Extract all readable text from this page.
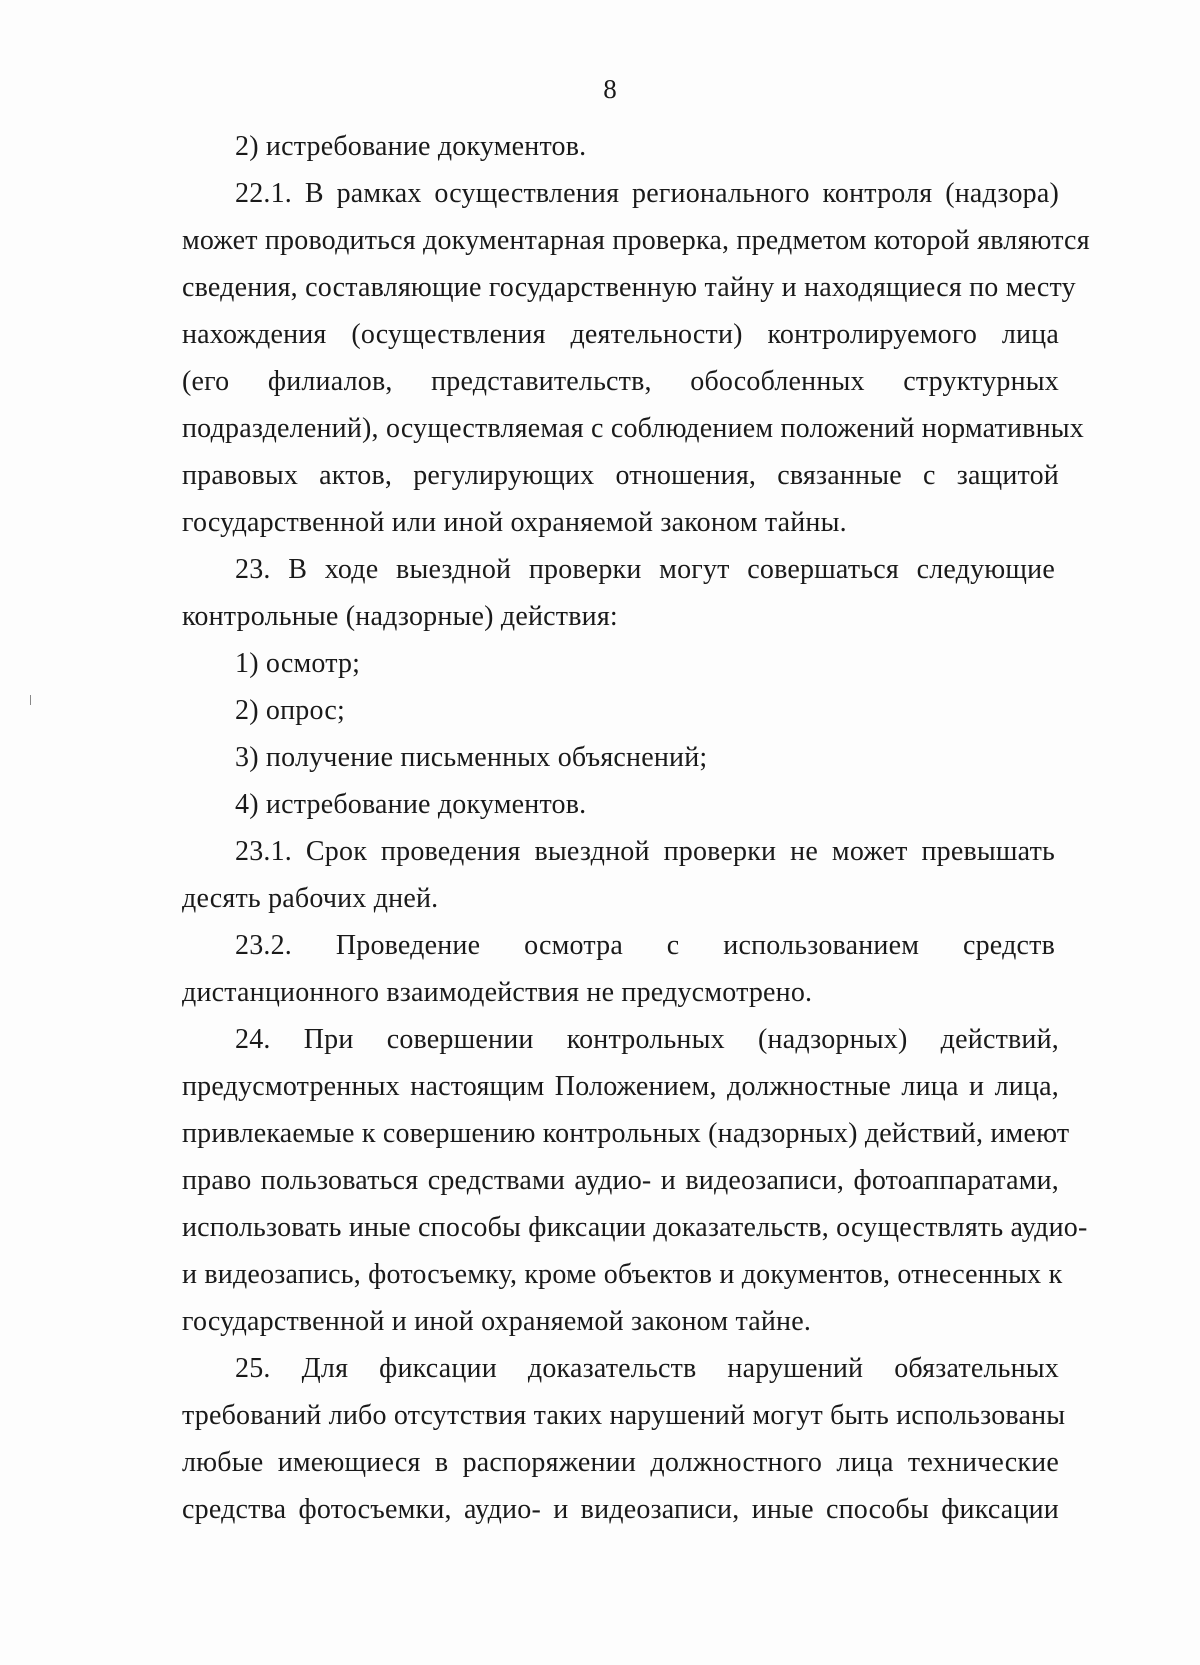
8
2) истребование документов.
22.1. В рамках осуществления регионального контроля (надзора)
может проводиться документарная проверка, предметом которой являются
сведения, составляющие государственную тайну и находящиеся по месту
нахождения (осуществления деятельности) контролируемого лица
(его филиалов, представительств, обособленных структурных
подразделений), осуществляемая с соблюдением положений нормативных
правовых актов, регулирующих отношения, связанные с защитой
государственной или иной охраняемой законом тайны.
23. В ходе выездной проверки могут совершаться следующие
контрольные (надзорные) действия:
1) осмотр;
2) опрос;
3) получение письменных объяснений;
4) истребование документов.
23.1. Срок проведения выездной проверки не может превышать
десять рабочих дней.
23.2. Проведение осмотра с использованием средств
дистанционного взаимодействия не предусмотрено.
24. При совершении контрольных (надзорных) действий,
предусмотренных настоящим Положением, должностные лица и лица,
привлекаемые к совершению контрольных (надзорных) действий, имеют
право пользоваться средствами аудио- и видеозаписи, фотоаппаратами,
использовать иные способы фиксации доказательств, осуществлять аудио-
и видеозапись, фотосъемку, кроме объектов и документов, отнесенных к
государственной и иной охраняемой законом тайне.
25. Для фиксации доказательств нарушений обязательных
требований либо отсутствия таких нарушений могут быть использованы
любые имеющиеся в распоряжении должностного лица технические
средства фотосъемки, аудио- и видеозаписи, иные способы фиксации
